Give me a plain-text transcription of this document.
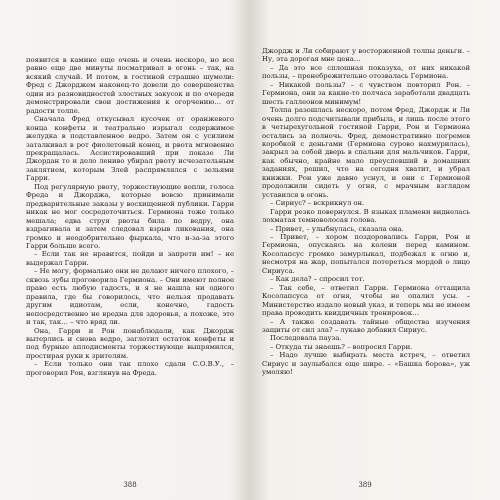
появится в камине еще очень и очень нескоро, но все равно еще две минуты посматривал в огонь – так, на всякий случай. И потом, в гостиной страшно шумели: Фред с Джорджем наконец-то довели до совершенства один из разновидностей злостных закусок и по очереди демонстрировали свои достижения к огорчению… от радости толпе.

Сначала Фред откусывал кусочек от оранжевого конца конфеты и театрально изрыгал содержимое желудка в подставленное ведро. Затем он с усилием заталкивал в рот фиолетовый конец, и рвота мгновенно прекращалась. Ассистировавший при показе Ли Джордан то и дело лениво убирал рвоту исчезательным заклятием, которым Злей распрямлялся с зельями Гарри.

Под регулярную рвоту, торжествующие вопли, голоса Фреда и Джорджа, которые вовсю принимали предварительные заказы у восхищенной публики. Гарри никак не мог сосредоточиться. Гермиона тоже только мешала; едва струя рвоты била по ведру, она вздрагивала и затем следовал взрыв ликования, она громко и неодобрительно фыркала, что и-за-за этого Гарри больше всего.

– Если так не нравится, пойди и запрети им! – не выдержал Гарри.

– Не могу, формально они не делают ничего плохого, – сквозь зубы проговорила Гермиона. – Они имеют полное право есть любую гадость, и я не нашла ни одного правила, где бы говорилось, что нельзя продавать другим идиотам, если, конечно, гадость непосредственно не вредна для здоровья, а похоже, это и так, так… – что вряд ли.

Она, Гарри и Рон понаблюдали, как Джордж вытерлись и снова ведро, заглотил остаток конфеты и под бурные аплодисменты торжествующе выпрямился, простирая руки к зрителям.

– Если только они так плохо сдали С.О.В.У., – проговорил Рон, взглянув на Фреда.

388

Джордж и Ли собирают у восторженной толпы деньги. – Ну, эта дорогая мне цена…

– Да это все сплошная показуха, от них никакой пользы, – пренебрежительно отозвалась Гермиона.

– Никакой пользы? – с чувством повторил Рон. – Гермиона, они за какие-то полчаса заработали двадцать шесть галлеонов минимум!

Толпа разошлась нескоро, потом Фред, Джордж и Ли очень долго подсчитывали прибыль, и лишь после этого в четырехугольной гостиной Гарри, Рон и Гермиона остались за полночь. Фред, демонстративно погремев коробкой с деньгами (Гермиона сурово нахмурилась), закрыл за собой дверь в спальни для мальчиков. Гарри, как обычно, крайне мало преуспевший в домашних заданиях, решил, что на сегодня хватит, и убрал книжки. Рон уже давно уснул, и они с Гермионой продолжили сидеть у огня, с мрачным взглядом уставился в огонь.

– Сириус? – вскрикнул он.

Гарри резко повернулся. В языках пламени виднелась лохматая темноволосая голова.

– Привет, – улыбнулась, сказала она.

– Привет, – хором поздоровались Гарри, Рон и Гермиона, опускаясь на колени перед камином. Косолапсус громко замурлыкал, подбежал к огню и, несмотря на жар, попытался потереться мордой о лицо Сириуса.

– Как дела? – спросил тот.

– Так себе, – ответил Гарри. Гермиона оттащила Косолапсуса от огня, чтобы не опалил усы. – Министерство издало новый указ, и теперь мы не имеем права проводить квиддичных тренировок…

– А также создавать тайные общества изучения защиты от сил зла? – лукаво добавил Сириус.

Последовала пауза.

– Откуда ты знаешь? – вопросил Гарри.

– Надо лучше выбирать места встреч, – ответил Сириус и заулыбался еще шире. – «Башка борова», уж умоляю!

389
